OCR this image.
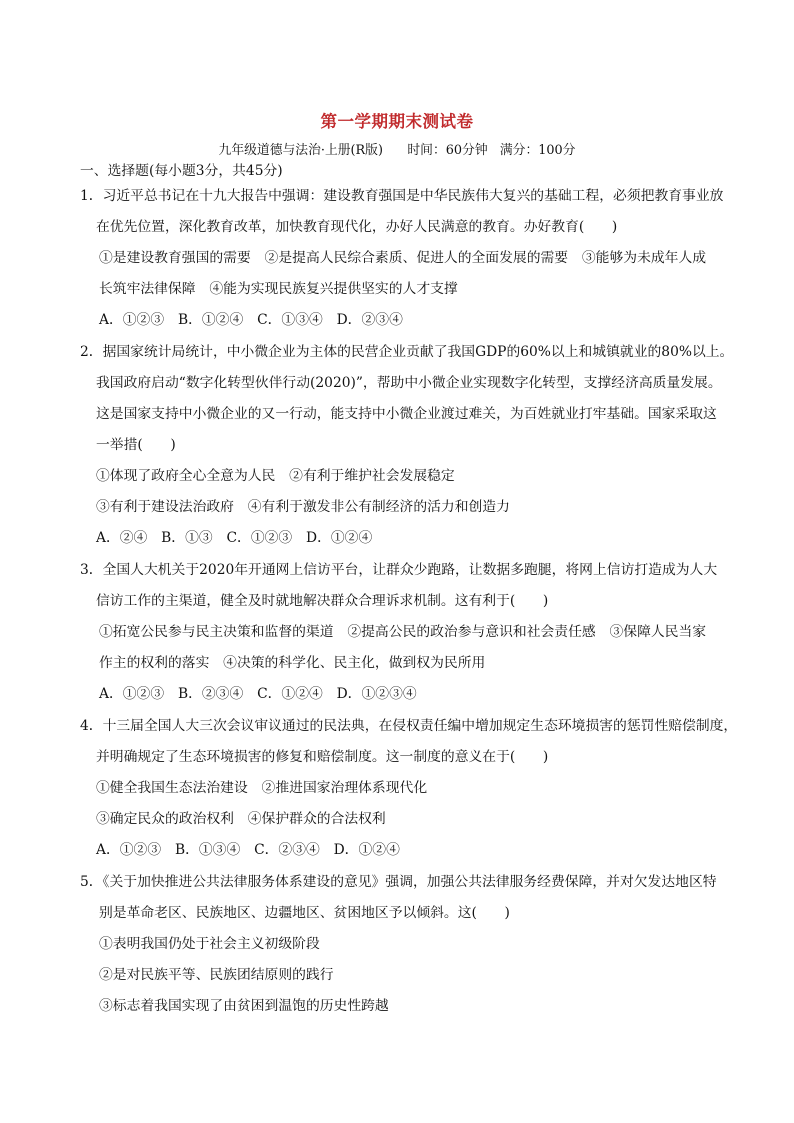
第一学期期末测试卷
九年级道德与法治·上册(R版)      时间：60分钟   满分：100分
一、选择题(每小题3分，共45分)
1．习近平总书记在十九大报告中强调：建设教育强国是中华民族伟大复兴的基础工程，必须把教育事业放
在优先位置，深化教育改革，加快教育现代化，办好人民满意的教育。办好教育(　　)
①是建设教育强国的需要　②是提高人民综合素质、促进人的全面发展的需要　③能够为未成年人成
长筑牢法律保障　④能为实现民族复兴提供坚实的人才支撑
A．①②③　B．①②④　C．①③④　D．②③④
2．据国家统计局统计，中小微企业为主体的民营企业贡献了我国GDP的60%以上和城镇就业的80%以上。
我国政府启动“数字化转型伙伴行动(2020)”，帮助中小微企业实现数字化转型，支撑经济高质量发展。
这是国家支持中小微企业的又一行动，能支持中小微企业渡过难关，为百姓就业打牢基础。国家采取这
一举措(　　)
①体现了政府全心全意为人民　②有利于维护社会发展稳定
③有利于建设法治政府　④有利于激发非公有制经济的活力和创造力
A．②④　B．①③　C．①②③　D．①②④
3．全国人大机关于2020年开通网上信访平台，让群众少跑路，让数据多跑腿，将网上信访打造成为人大
信访工作的主渠道，健全及时就地解决群众合理诉求机制。这有利于(　　)
①拓宽公民参与民主决策和监督的渠道　②提高公民的政治参与意识和社会责任感　③保障人民当家
作主的权利的落实　④决策的科学化、民主化，做到权为民所用
A．①②③　B．②③④　C．①②④　D．①②③④
4．十三届全国人大三次会议审议通过的民法典，在侵权责任编中增加规定生态环境损害的惩罚性赔偿制度，
并明确规定了生态环境损害的修复和赔偿制度。这一制度的意义在于(　　)
①健全我国生态法治建设　②推进国家治理体系现代化
③确定民众的政治权利　④保护群众的合法权利
A．①②③　B．①③④　C．②③④　D．①②④
5．《关于加快推进公共法律服务体系建设的意见》强调，加强公共法律服务经费保障，并对欠发达地区特
别是革命老区、民族地区、边疆地区、贫困地区予以倾斜。这(　　)
①表明我国仍处于社会主义初级阶段
②是对民族平等、民族团结原则的践行
③标志着我国实现了由贫困到温饱的历史性跨越
